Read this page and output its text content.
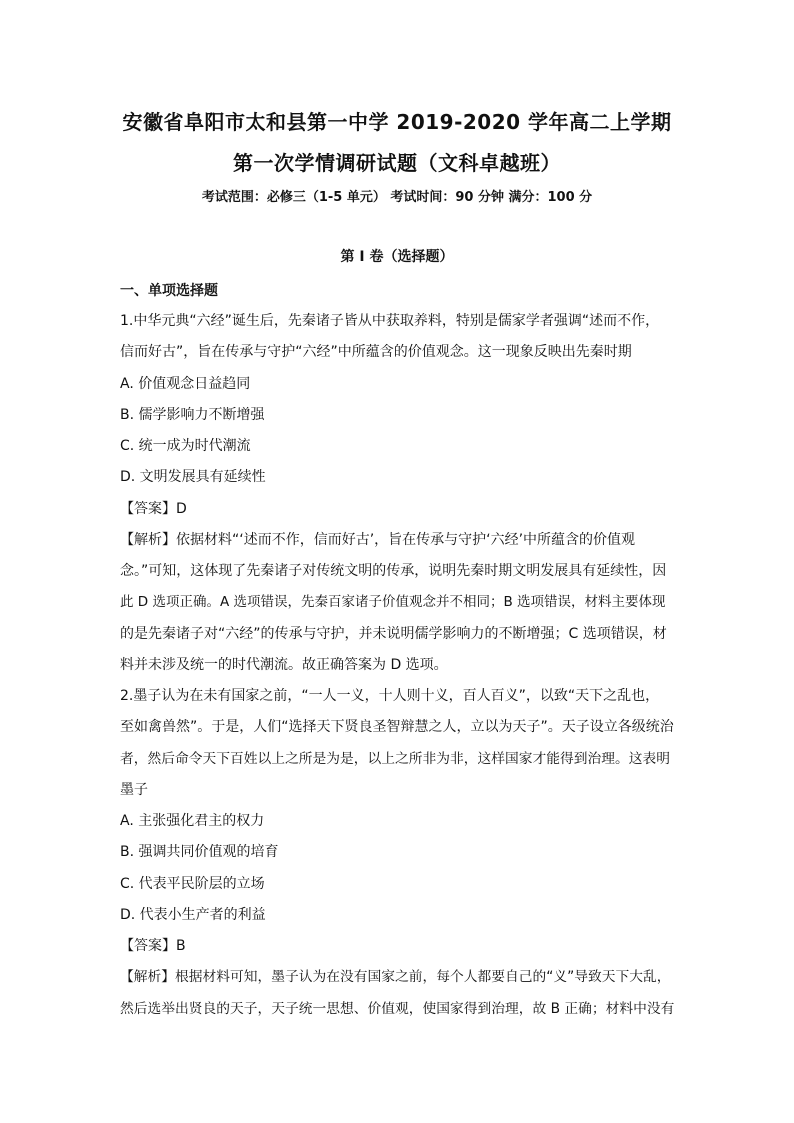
安徽省阜阳市太和县第一中学 2019-2020 学年高二上学期
第一次学情调研试题（文科卓越班）
考试范围：必修三（1-5 单元） 考试时间：90 分钟 满分：100 分
第 I 卷（选择题）
一、单项选择题
1.中华元典“六经”诞生后，先秦诸子皆从中获取养料，特别是儒家学者强调“述而不作，
信而好古”，旨在传承与守护“六经”中所蕴含的价值观念。这一现象反映出先秦时期
A. 价值观念日益趋同
B. 儒学影响力不断增强
C. 统一成为时代潮流
D. 文明发展具有延续性
【答案】D
【解析】依据材料“‘述而不作，信而好古’，旨在传承与守护‘六经’中所蕴含的价值观
念。”可知，这体现了先秦诸子对传统文明的传承，说明先秦时期文明发展具有延续性，因
此 D 选项正确。A 选项错误，先秦百家诸子价值观念并不相同；B 选项错误，材料主要体现
的是先秦诸子对“六经”的传承与守护，并未说明儒学影响力的不断增强；C 选项错误，材
料并未涉及统一的时代潮流。故正确答案为 D 选项。
2.墨子认为在未有国家之前，“一人一义，十人则十义，百人百义”，以致“天下之乱也，
至如禽兽然”。于是，人们“选择天下贤良圣智辩慧之人，立以为天子”。天子设立各级统治
者，然后命令天下百姓以上之所是为是，以上之所非为非，这样国家才能得到治理。这表明
墨子
A. 主张强化君主的权力
B. 强调共同价值观的培育
C. 代表平民阶层的立场
D. 代表小生产者的利益
【答案】B
【解析】根据材料可知，墨子认为在没有国家之前，每个人都要自己的“义”导致天下大乱，
然后选举出贤良的天子，天子统一思想、价值观，使国家得到治理，故 B 正确；材料中没有
